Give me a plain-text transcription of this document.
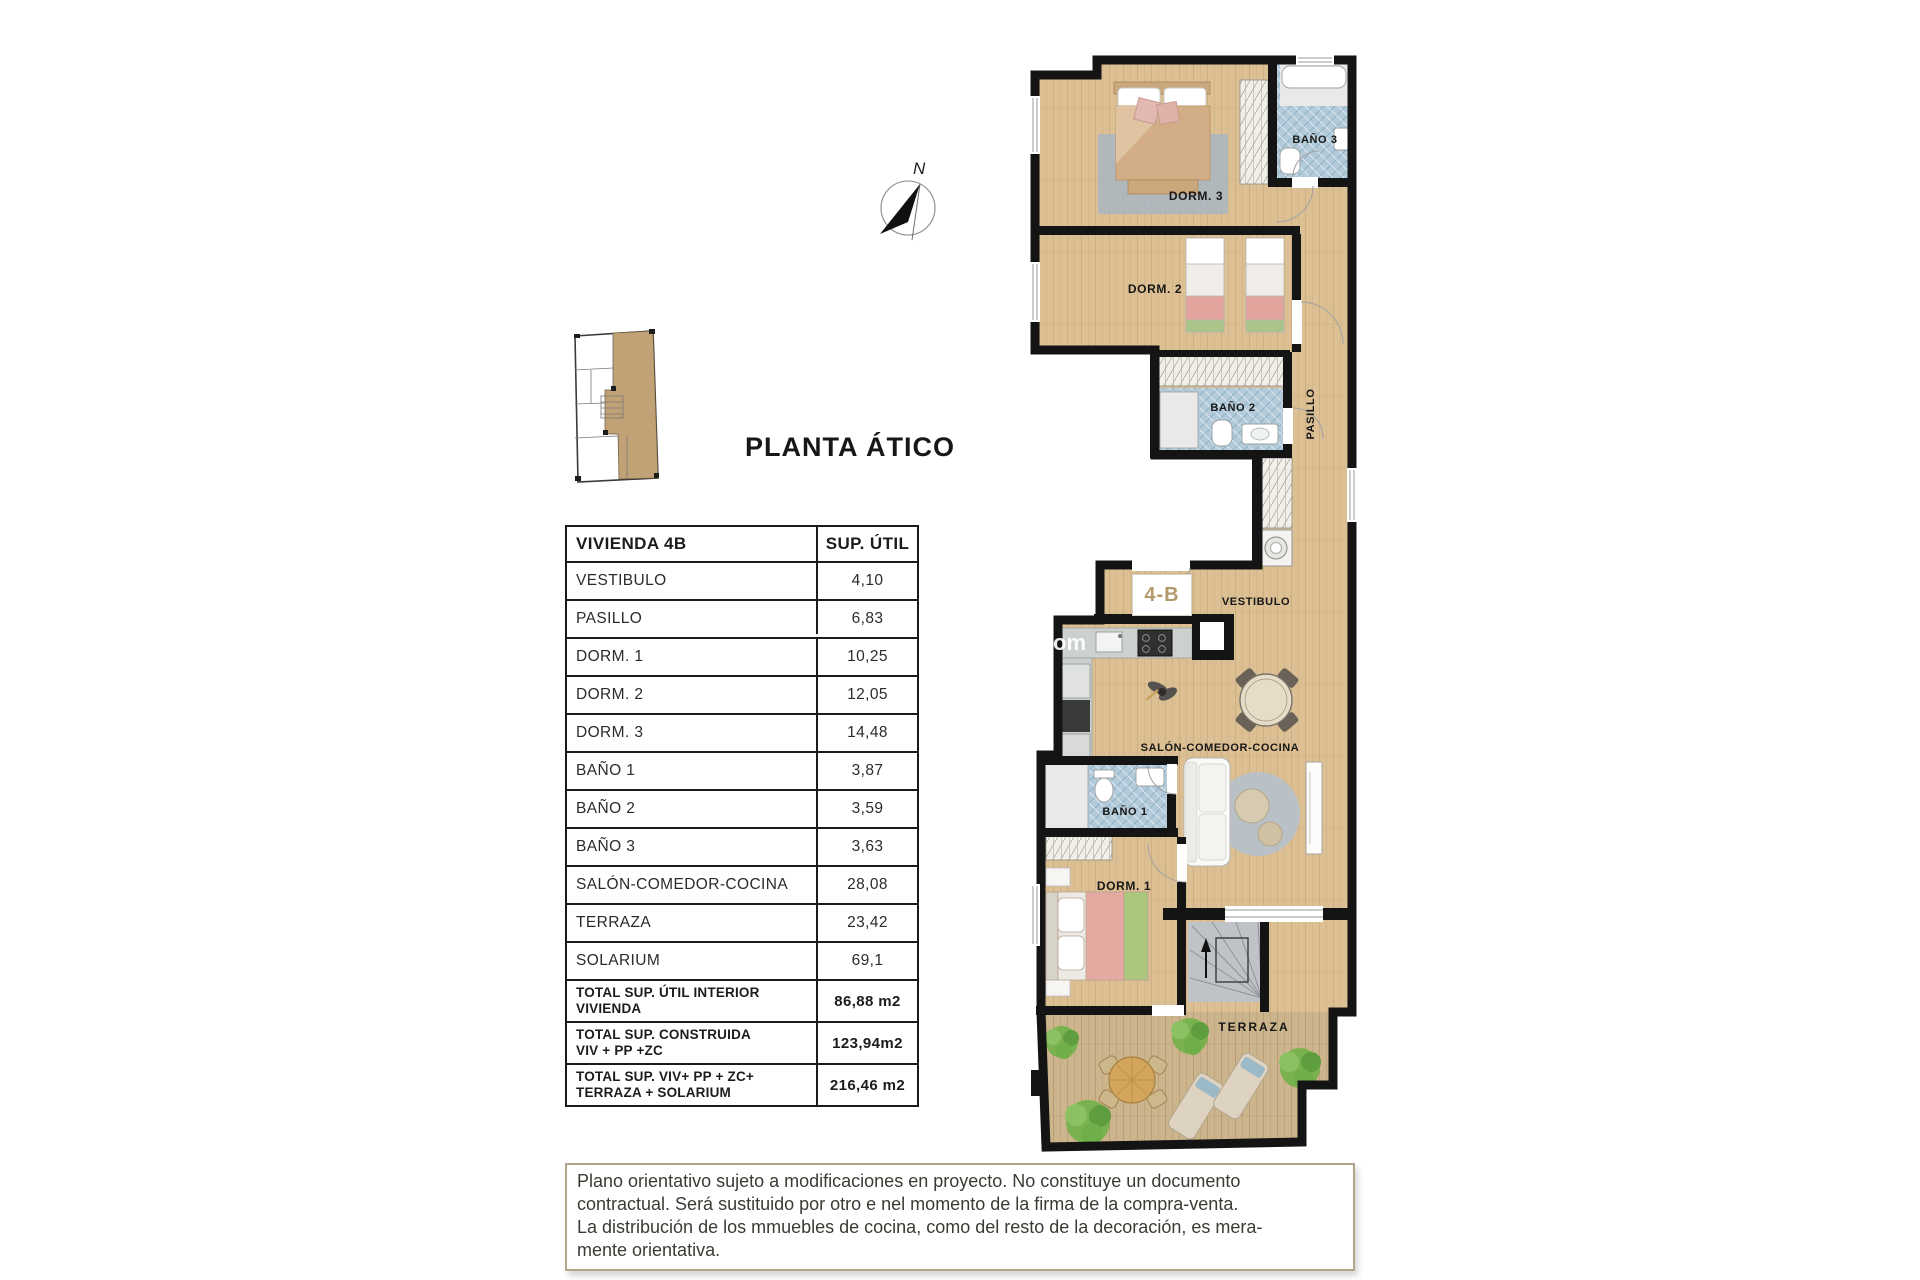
N
PLANTA ÁTICO
VIVIENDA 4B	SUP. ÚTIL
VESTIBULO	4,10
PASILLO	6,83
DORM. 1	10,25
DORM. 2	12,05
DORM. 3	14,48
BAÑO 1	3,87
BAÑO 2	3,59
BAÑO 3	3,63
SALÓN-COMEDOR-COCINA	28,08
TERRAZA	23,42
SOLARIUM	69,1
TOTAL SUP. ÚTIL INTERIOR
VIVIENDA	86,88 m2
TOTAL SUP. CONSTRUIDA
VIV + PP +ZC	123,94m2
TOTAL SUP. VIV+ PP + ZC+
TERRAZA + SOLARIUM	216,46 m2
DORM. 3
BAÑO 3
DORM. 2
BAÑO 2	PASILLO
VESTIBULO
SALÓN-COMEDOR-COCINA
BAÑO 1
DORM. 1
TERRAZA
4-B
om
Plano orientativo sujeto a modificaciones en proyecto. No constituye un documento
contractual. Será sustituido por otro e nel momento de la firma de la compra-venta.
La distribución de los mmuebles de cocina, como del resto de la decoración, es mera-
mente orientativa.
